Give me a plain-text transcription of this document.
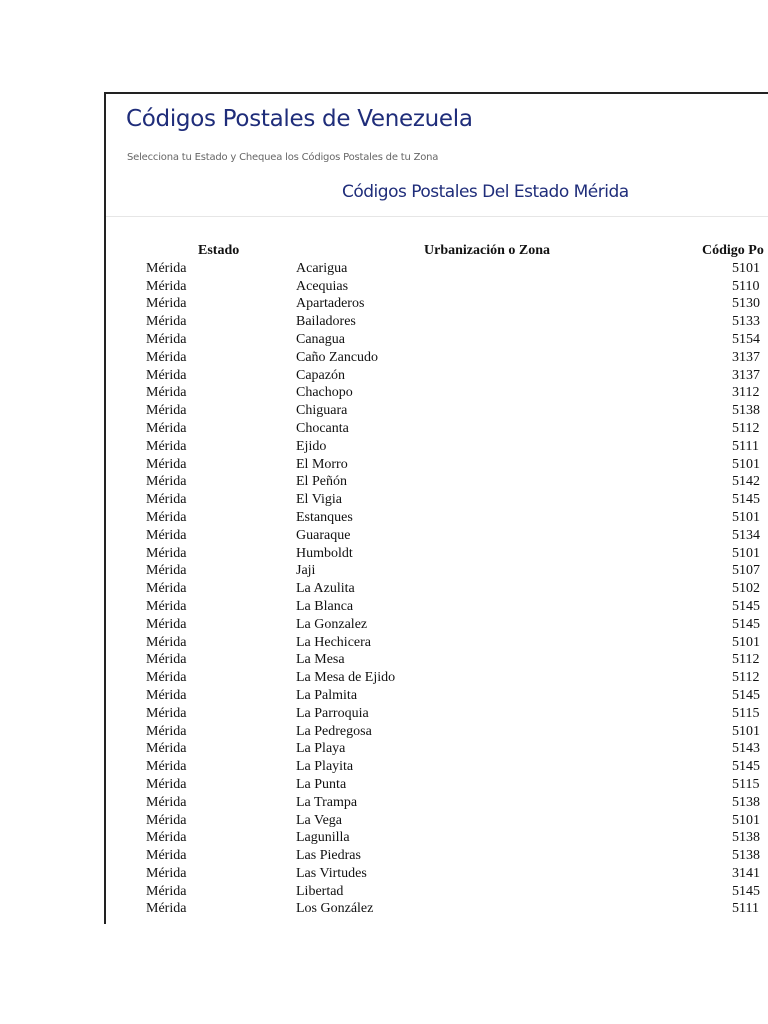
Códigos Postales de Venezuela
Selecciona tu Estado y Chequea los Códigos Postales de tu Zona
Códigos Postales Del Estado Mérida
Estado	Urbanización o Zona	Código Po
Mérida	Acarigua	5101
Mérida	Acequias	5110
Mérida	Apartaderos	5130
Mérida	Bailadores	5133
Mérida	Canagua	5154
Mérida	Caño Zancudo	3137
Mérida	Capazón	3137
Mérida	Chachopo	3112
Mérida	Chiguara	5138
Mérida	Chocanta	5112
Mérida	Ejido	5111
Mérida	El Morro	5101
Mérida	El Peñón	5142
Mérida	El Vigia	5145
Mérida	Estanques	5101
Mérida	Guaraque	5134
Mérida	Humboldt	5101
Mérida	Jaji	5107
Mérida	La Azulita	5102
Mérida	La Blanca	5145
Mérida	La Gonzalez	5145
Mérida	La Hechicera	5101
Mérida	La Mesa	5112
Mérida	La Mesa de Ejido	5112
Mérida	La Palmita	5145
Mérida	La Parroquia	5115
Mérida	La Pedregosa	5101
Mérida	La Playa	5143
Mérida	La Playita	5145
Mérida	La Punta	5115
Mérida	La Trampa	5138
Mérida	La Vega	5101
Mérida	Lagunilla	5138
Mérida	Las Piedras	5138
Mérida	Las Virtudes	3141
Mérida	Libertad	5145
Mérida	Los González	5111
